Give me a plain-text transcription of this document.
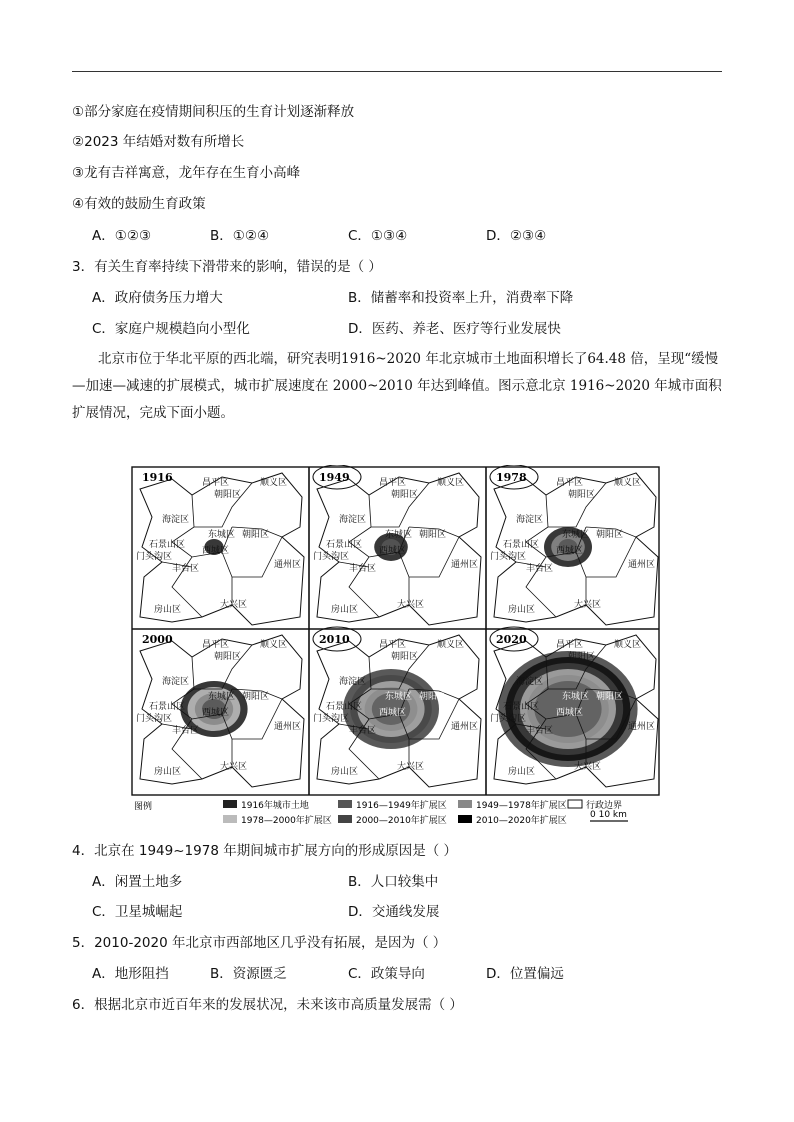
①部分家庭在疫情期间积压的生育计划逐渐释放
②2023 年结婚对数有所增长
③龙有吉祥寓意，龙年存在生育小高峰
④有效的鼓励生育政策
A．①②③	B．①②④	C．①③④	D．②③④
3．有关生育率持续下滑带来的影响，错误的是（ ）
A．政府债务压力增大	B．储蓄率和投资率上升，消费率下降
C．家庭户规模趋向小型化	D．医药、养老、医疗等行业发展快
北京市位于华北平原的西北端，研究表明1916~2020 年北京城市土地面积增长了64.48 倍，呈现“缓慢—加速—减速的扩展模式，城市扩展速度在 2000~2010 年达到峰值。图示意北京 1916~2020 年城市面积扩展情况，完成下面小题。
1916	昌平区	顺义区
朝阳区
海淀区
石景山区
东城区 朝阳区
西城区
门头沟区
丰台区	通州区
房山区	大兴区
1949	昌平区	顺义区
朝阳区
海淀区
石景山区
东城区 朝阳区
西城区
门头沟区
丰台区	通州区
房山区	大兴区
1978	昌平区	顺义区
朝阳区
海淀区
石景山区
东城区 朝阳区
西城区
门头沟区
丰台区	通州区
房山区	大兴区
2000	昌平区	顺义区
朝阳区
海淀区
石景山区
东城区 朝阳区
西城区
门头沟区
丰台区	通州区
房山区	大兴区
2010	昌平区	顺义区
朝阳区
海淀区
石景山区
东城区 朝阳区
西城区
门头沟区
丰台区	通州区
房山区	大兴区
2020	昌平区	顺义区
朝阳区
海淀区
石景山区
东城区 朝阳区
西城区
门头沟区
丰台区	通州区
房山区	大兴区
图例	1916年城市土地	1916—1949年扩展区	1949—1978年扩展区 行政边界
1978—2000年扩展区	2000—2010年扩展区	2010—2020年扩展区
0 10 km
4．北京在 1949~1978 年期间城市扩展方向的形成原因是（ ）
A．闲置土地多	B．人口较集中
C．卫星城崛起	D．交通线发展
5．2010-2020 年北京市西部地区几乎没有拓展，是因为（ ）
A．地形阻挡	B．资源匮乏	C．政策导向	D．位置偏远
6．根据北京市近百年来的发展状况，未来该市高质量发展需（ ）
